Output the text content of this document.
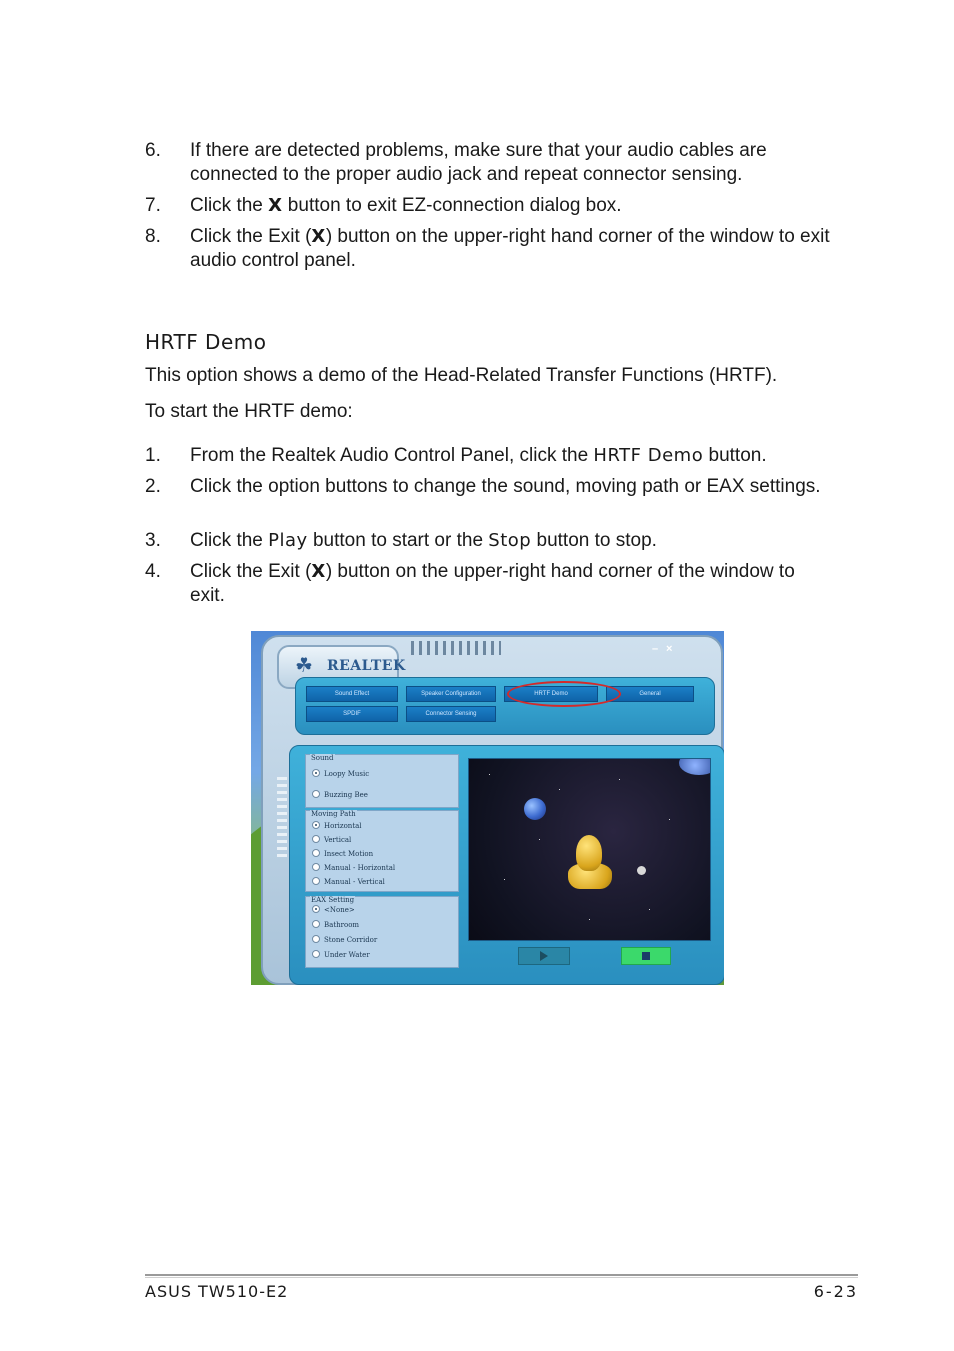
6.	If there are detected problems, make sure that your audio cables are connected to the proper audio jack and repeat connector sensing.
7.	Click the X button to exit EZ-connection dialog box.
8.	Click the Exit (X) button on the upper-right hand corner of the window to exit audio control panel.
HRTF Demo
This option shows a demo of the Head-Related Transfer Functions (HRTF).
To start the HRTF demo:
1.	From the Realtek Audio Control Panel, click the HRTF Demo button.
2.	Click the option buttons to change the sound, moving path or EAX settings.
3.	Click the Play button to start or the Stop button to stop.
4.	Click the Exit (X) button on the upper-right hand corner of the window to exit.
☘	REALTEK
– ×
Sound Effect	Speaker Configuration	HRTF Demo	General
SPDIF	Connector Sensing
Sound
Loopy Music
Buzzing Bee
Moving Path
Horizontal
Vertical
Insect Motion
Manual - Horizontal
Manual - Vertical
EAX Setting
<None>
Bathroom
Stone Corridor
Under Water
ASUS TW510-E2	6-23
